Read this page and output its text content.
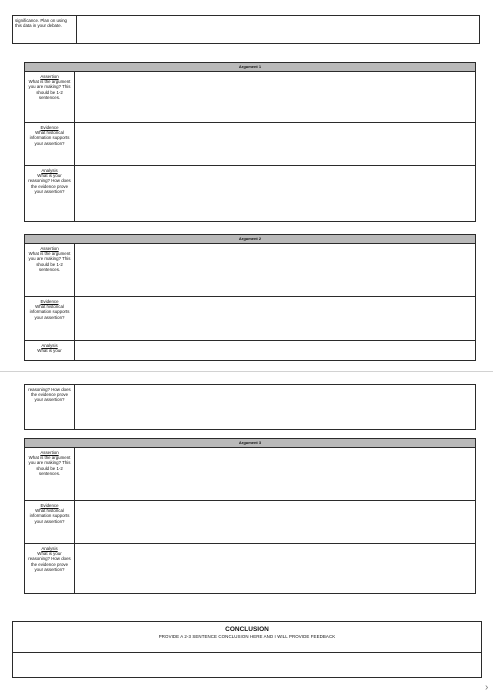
significance. Plan on using this data in your debate.
Argument 1
Assertion
What is the argument you are making? This should be 1-2 sentences.
Evidence
What historical information supports your assertion?
Analysis
What is your reasoning? How does the evidence prove your assertion?
Argument 2
Assertion
What is the argument you are making? This should be 1-2 sentences.
Evidence
What historical information supports your assertion?
Analysis
What is your
reasoning? How does the evidence prove your assertion?
Argument 3
Assertion
What is the argument you are making? This should be 1-2 sentences.
Evidence
What historical information supports your assertion?
Analysis
What is your reasoning? How does the evidence prove your assertion?
CONCLUSION
PROVIDE A 2-3 SENTENCE CONCLUSION HERE AND I WILL PROVIDE FEEDBACK
›
